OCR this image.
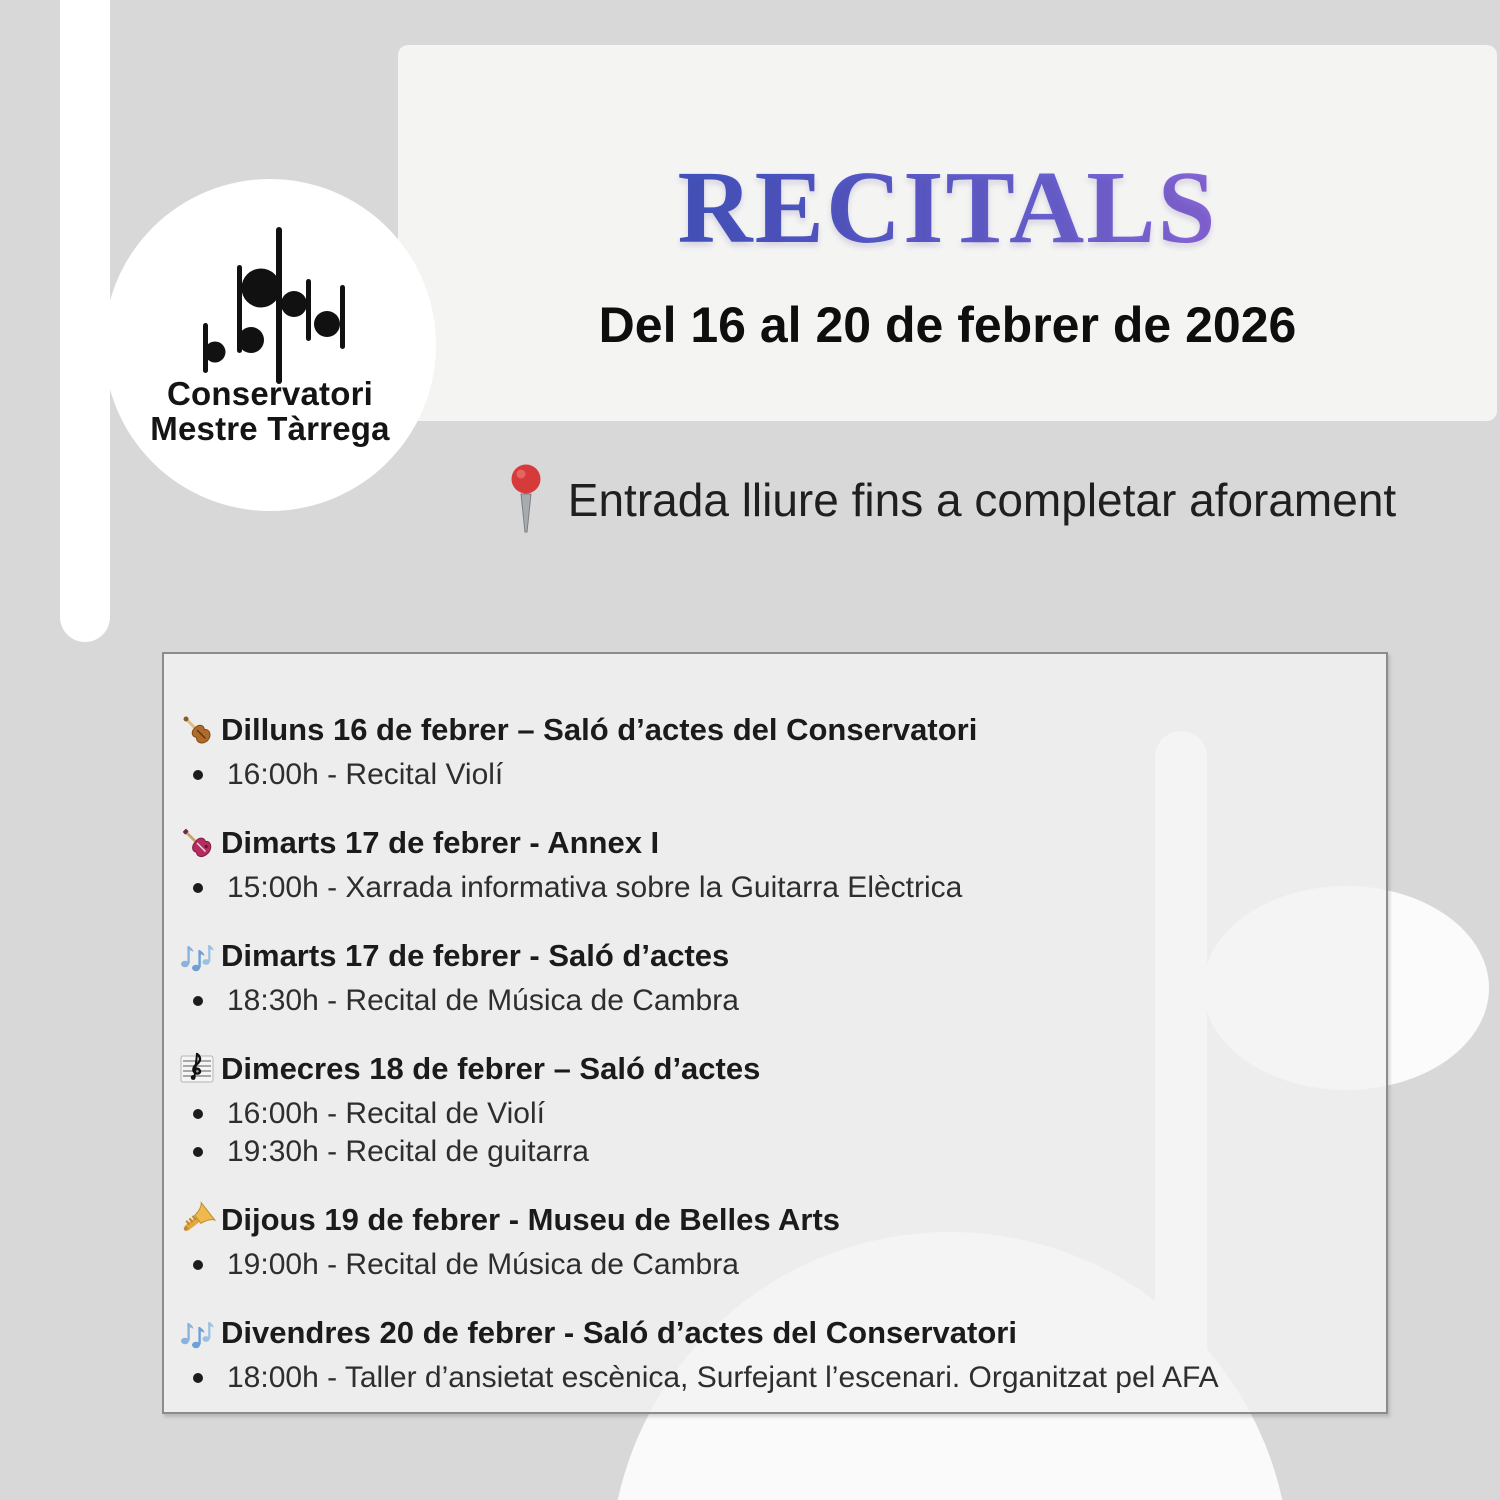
Conservatori
Mestre Tàrrega
RECITALS
Del 16 al 20 de febrer de 2026
Entrada lliure fins a completar aforament
Dilluns 16 de febrer – Saló d’actes del Conservatori
16:00h - Recital Violí
Dimarts 17 de febrer - Annex I
15:00h - Xarrada informativa sobre la Guitarra Elèctrica
Dimarts 17 de febrer - Saló d’actes
18:30h - Recital de Música de Cambra
Dimecres 18 de febrer – Saló d’actes
16:00h - Recital de Violí
19:30h - Recital de guitarra
Dijous 19 de febrer - Museu de Belles Arts
19:00h - Recital de Música de Cambra
Divendres 20 de febrer - Saló d’actes del Conservatori
18:00h - Taller d’ansietat escènica, Surfejant l’escenari. Organitzat pel AFA
